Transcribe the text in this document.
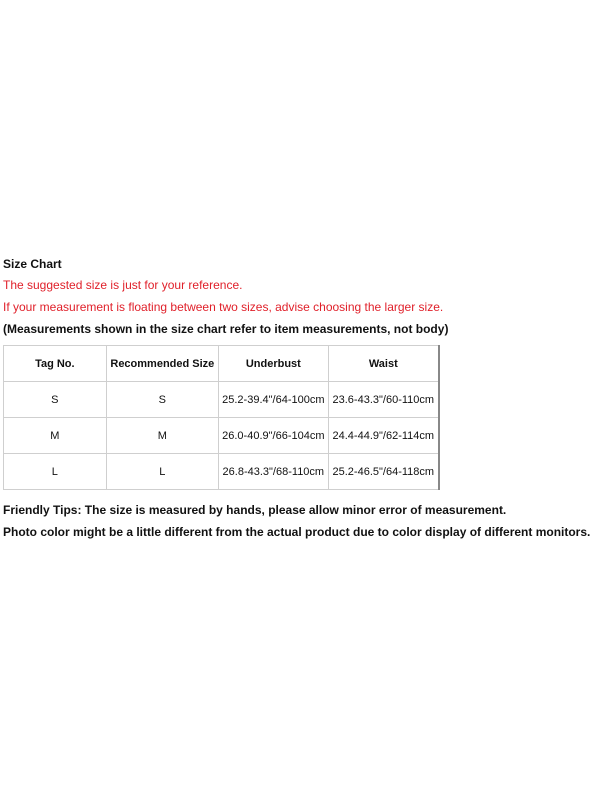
Size Chart
The suggested size is just for your reference.
If your measurement is floating between two sizes, advise choosing the larger size.
(Measurements shown in the size chart refer to item measurements, not body)
Tag No.	Recommended Size	Underbust	Waist
S	S	25.2-39.4"/64-100cm	23.6-43.3"/60-110cm
M	M	26.0-40.9"/66-104cm	24.4-44.9"/62-114cm
L	L	26.8-43.3"/68-110cm	25.2-46.5"/64-118cm
Friendly Tips: The size is measured by hands, please allow minor error of measurement.
Photo color might be a little different from the actual product due to color display of different monitors.
